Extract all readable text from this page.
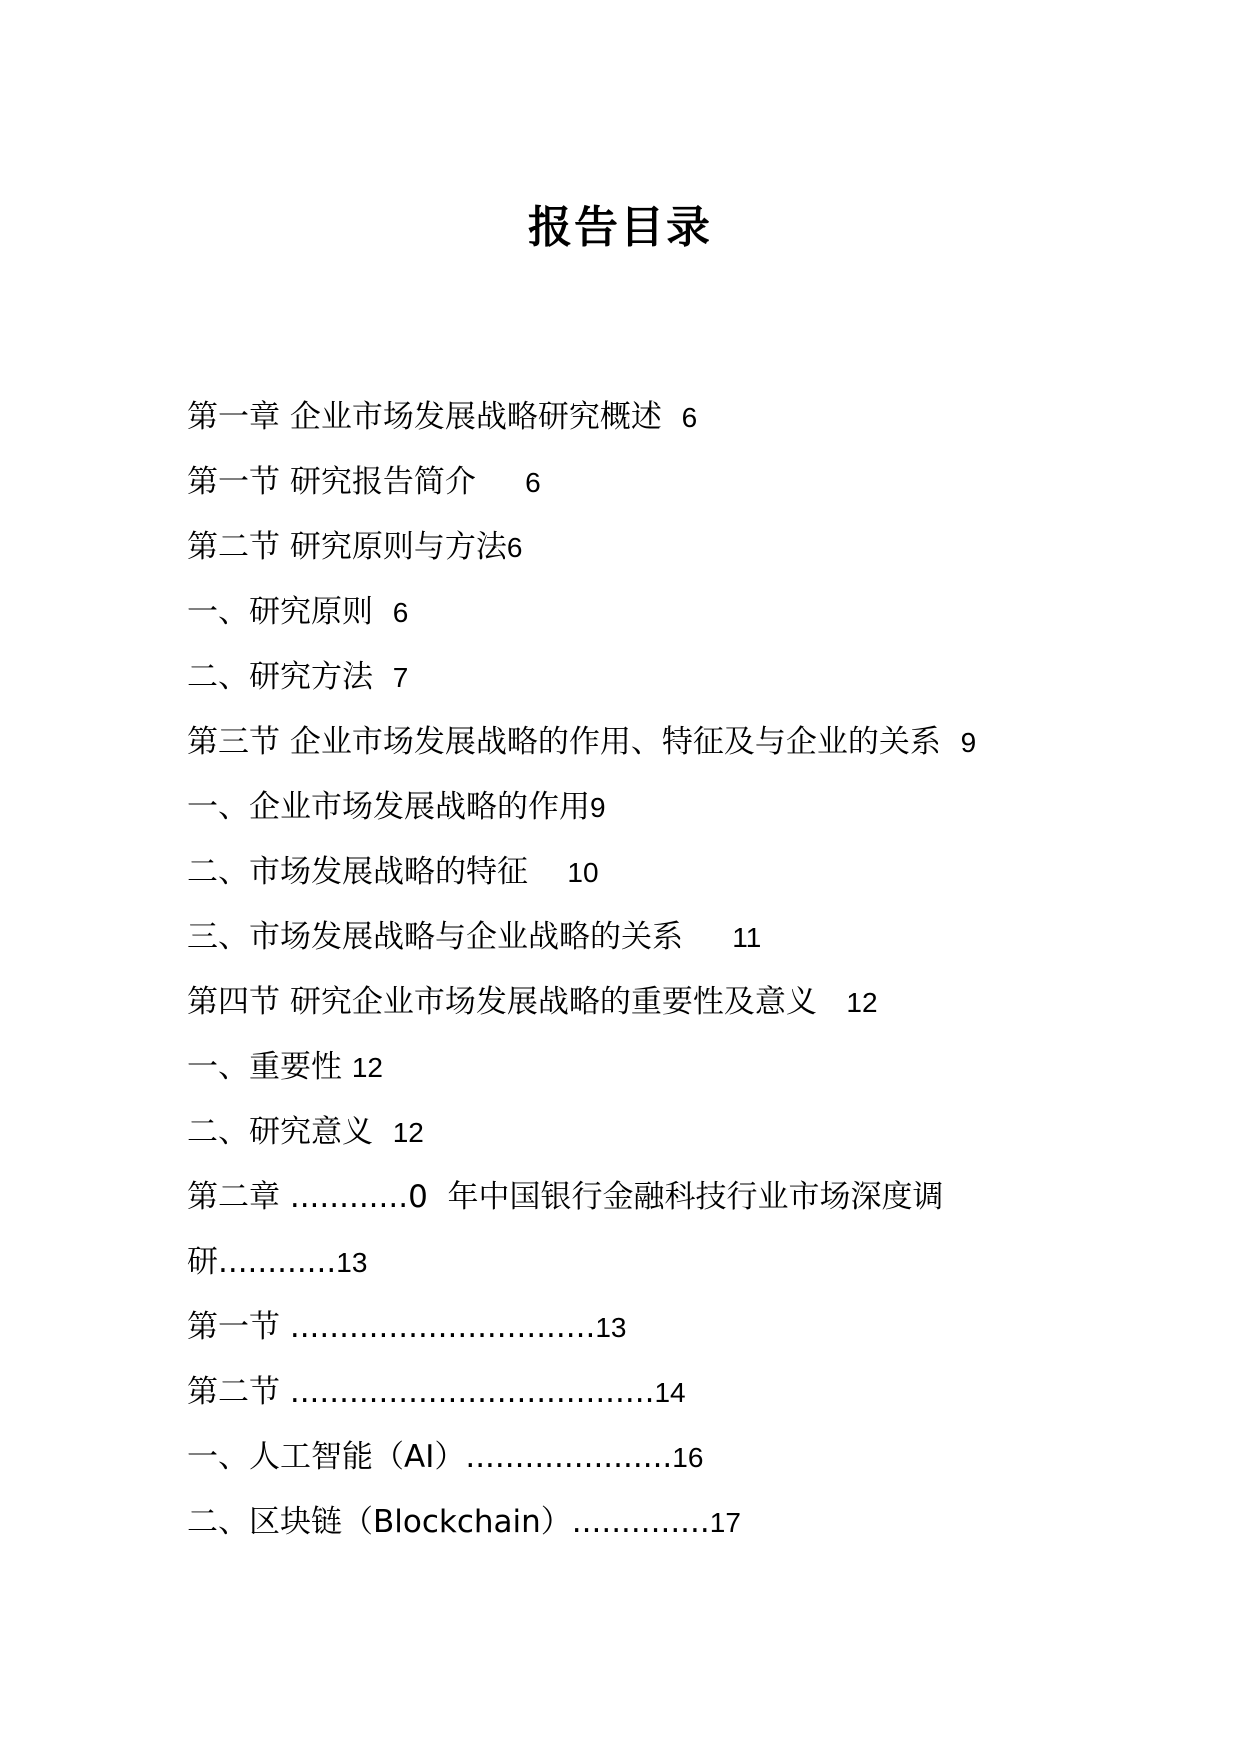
报告目录
第一章 企业市场发展战略研究概述  6
第一节 研究报告简介     6
第二节 研究原则与方法6
一、研究原则  6
二、研究方法  7
第三节 企业市场发展战略的作用、特征及与企业的关系  9
一、企业市场发展战略的作用9
二、市场发展战略的特征    10
三、市场发展战略与企业战略的关系     11
第四节 研究企业市场发展战略的重要性及意义   12
一、重要性 12
二、研究意义  12
第二章 ............0  年中国银行金融科技行业市场深度调
研............13
第一节 ...............................13
第二节 .....................................14
一、人工智能（AI）.....................16
二、区块链（Blockchain）..............17
